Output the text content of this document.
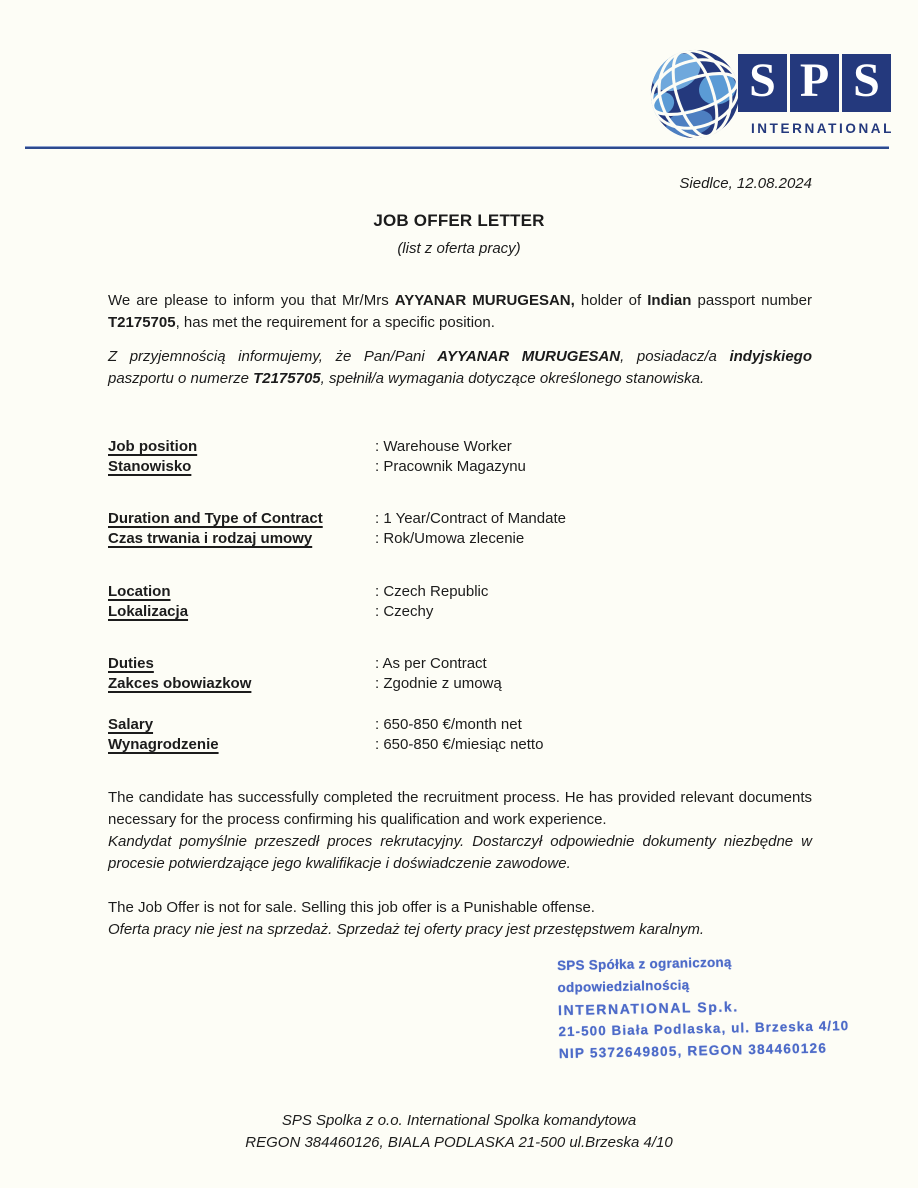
S P S
INTERNATIONAL
Siedlce, 12.08.2024
JOB OFFER LETTER
(list z oferta pracy)

We are please to inform you that Mr/Mrs AYYANAR MURUGESAN, holder of Indian passport number T2175705, has met the requirement for a specific position.

Z przyjemnością informujemy, że Pan/Pani AYYANAR MURUGESAN, posiadacz/a indyjskiego paszportu o numerze T2175705, spełnił/a wymagania dotyczące określonego stanowiska.

Job position	: Warehouse Worker
Stanowisko	: Pracownik Magazynu
Duration and Type of Contract	: 1 Year/Contract of Mandate
Czas trwania i rodzaj umowy	: Rok/Umowa zlecenie
Location	: Czech Republic
Lokalizacja	: Czechy
Duties	: As per Contract
Zakces obowiazkow	: Zgodnie z umową
Salary	: 650-850 €/month net
Wynagrodzenie	: 650-850 €/miesiąc netto

The candidate has successfully completed the recruitment process. He has provided relevant documents necessary for the process confirming his qualification and work experience.

Kandydat pomyślnie przeszedł proces rekrutacyjny. Dostarczył odpowiednie dokumenty niezbędne w procesie potwierdzające jego kwalifikacje i doświadczenie zawodowe.

The Job Offer is not for sale. Selling this job offer is a Punishable offense.

Oferta pracy nie jest na sprzedaż. Sprzedaż tej oferty pracy jest przestępstwem karalnym.

SPS Spółka z ograniczoną odpowiedzialnością
INTERNATIONAL Sp.k.
21-500 Biała Podlaska, ul. Brzeska 4/10
NIP 5372649805, REGON 384460126
SPS Spolka z o.o. International Spolka komandytowa
REGON 384460126, BIALA PODLASKA 21-500 ul.Brzeska 4/10
